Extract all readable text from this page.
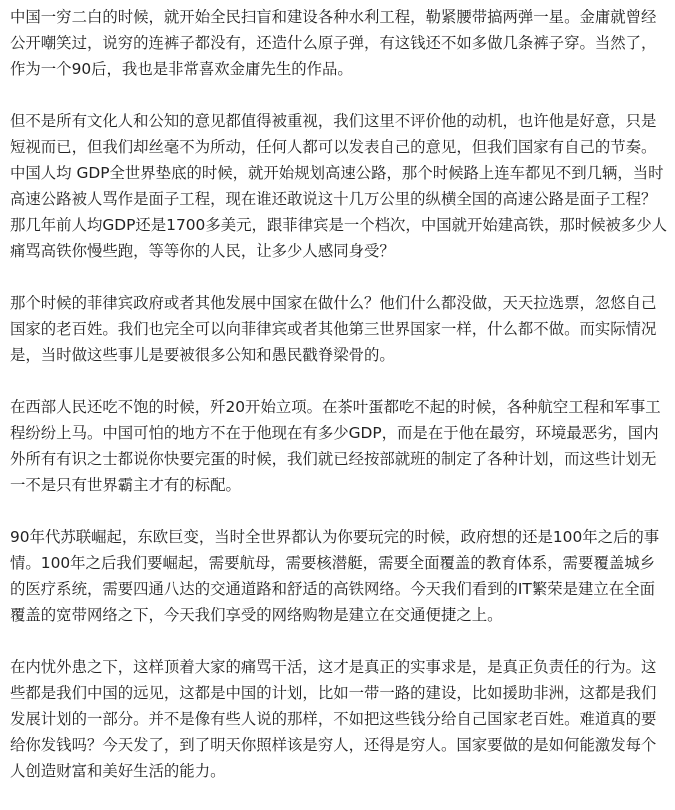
中国一穷二白的时候，就开始全民扫盲和建设各种水利工程，勒紧腰带搞两弹一星。金庸就曾经公开嘲笑过，说穷的连裤子都没有，还造什么原子弹，有这钱还不如多做几条裤子穿。当然了，作为一个90后，我也是非常喜欢金庸先生的作品。

但不是所有文化人和公知的意见都值得被重视，我们这里不评价他的动机，也许他是好意，只是短视而已，但我们却丝毫不为所动，任何人都可以发表自己的意见，但我们国家有自己的节奏。中国人均 GDP全世界垫底的时候，就开始规划高速公路，那个时候路上连车都见不到几辆，当时高速公路被人骂作是面子工程，现在谁还敢说这十几万公里的纵横全国的高速公路是面子工程？那几年前人均GDP还是1700多美元，跟菲律宾是一个档次，中国就开始建高铁，那时候被多少人痛骂高铁你慢些跑，等等你的人民，让多少人感同身受？

那个时候的菲律宾政府或者其他发展中国家在做什么？他们什么都没做，天天拉选票，忽悠自己国家的老百姓。我们也完全可以向菲律宾或者其他第三世界国家一样，什么都不做。而实际情况是，当时做这些事儿是要被很多公知和愚民戳脊梁骨的。

在西部人民还吃不饱的时候，歼20开始立项。在茶叶蛋都吃不起的时候，各种航空工程和军事工程纷纷上马。中国可怕的地方不在于他现在有多少GDP，而是在于他在最穷，环境最恶劣，国内外所有有识之士都说你快要完蛋的时候，我们就已经按部就班的制定了各种计划，而这些计划无一不是只有世界霸主才有的标配。

90年代苏联崛起，东欧巨变，当时全世界都认为你要玩完的时候，政府想的还是100年之后的事情。100年之后我们要崛起，需要航母，需要核潜艇，需要全面覆盖的教育体系，需要覆盖城乡的医疗系统，需要四通八达的交通道路和舒适的高铁网络。今天我们看到的IT繁荣是建立在全面覆盖的宽带网络之下，今天我们享受的网络购物是建立在交通便捷之上。

在内忧外患之下，这样顶着大家的痛骂干活，这才是真正的实事求是，是真正负责任的行为。这些都是我们中国的远见，这都是中国的计划，比如一带一路的建设，比如援助非洲，这都是我们发展计划的一部分。并不是像有些人说的那样，不如把这些钱分给自己国家老百姓。难道真的要给你发钱吗？今天发了，到了明天你照样该是穷人，还得是穷人。国家要做的是如何能激发每个人创造财富和美好生活的能力。
